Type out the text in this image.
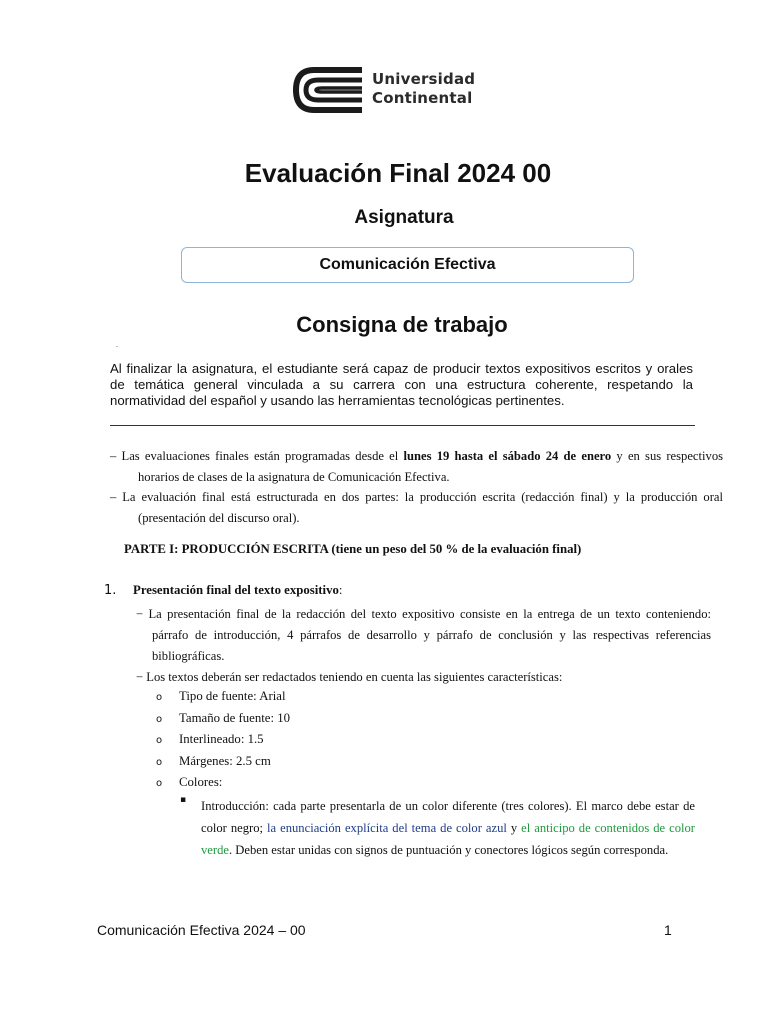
Universidad
Continental
Evaluación Final 2024 00
Asignatura
Comunicación Efectiva
Consigna de trabajo
.
Al finalizar la asignatura, el estudiante será capaz de producir textos expositivos escritos y orales de temática general vinculada a su carrera con una estructura coherente, respetando la normatividad del español y usando las herramientas tecnológicas pertinentes.
– Las evaluaciones finales están programadas desde el lunes 19 hasta el sábado 24 de enero y en sus respectivos horarios de clases de la asignatura de Comunicación Efectiva.
– La evaluación final está estructurada en dos partes: la producción escrita (redacción final) y la producción oral (presentación del discurso oral).
PARTE I: PRODUCCIÓN ESCRITA (tiene un peso del 50 % de la evaluación final)
1. Presentación final del texto expositivo:
− La presentación final de la redacción del texto expositivo consiste en la entrega de un texto conteniendo: párrafo de introducción, 4 párrafos de desarrollo y párrafo de conclusión y las respectivas referencias bibliográficas.
− Los textos deberán ser redactados teniendo en cuenta las siguientes características:
o Tipo de fuente: Arial
o Tamaño de fuente: 10
o Interlineado: 1.5
o Márgenes: 2.5 cm
o Colores:
▪ Introducción: cada parte presentarla de un color diferente (tres colores). El marco debe estar de color negro; la enunciación explícita del tema de color azul y el anticipo de contenidos de color verde. Deben estar unidas con signos de puntuación y conectores lógicos según corresponda.
Comunicación Efectiva 2024 – 00	1
